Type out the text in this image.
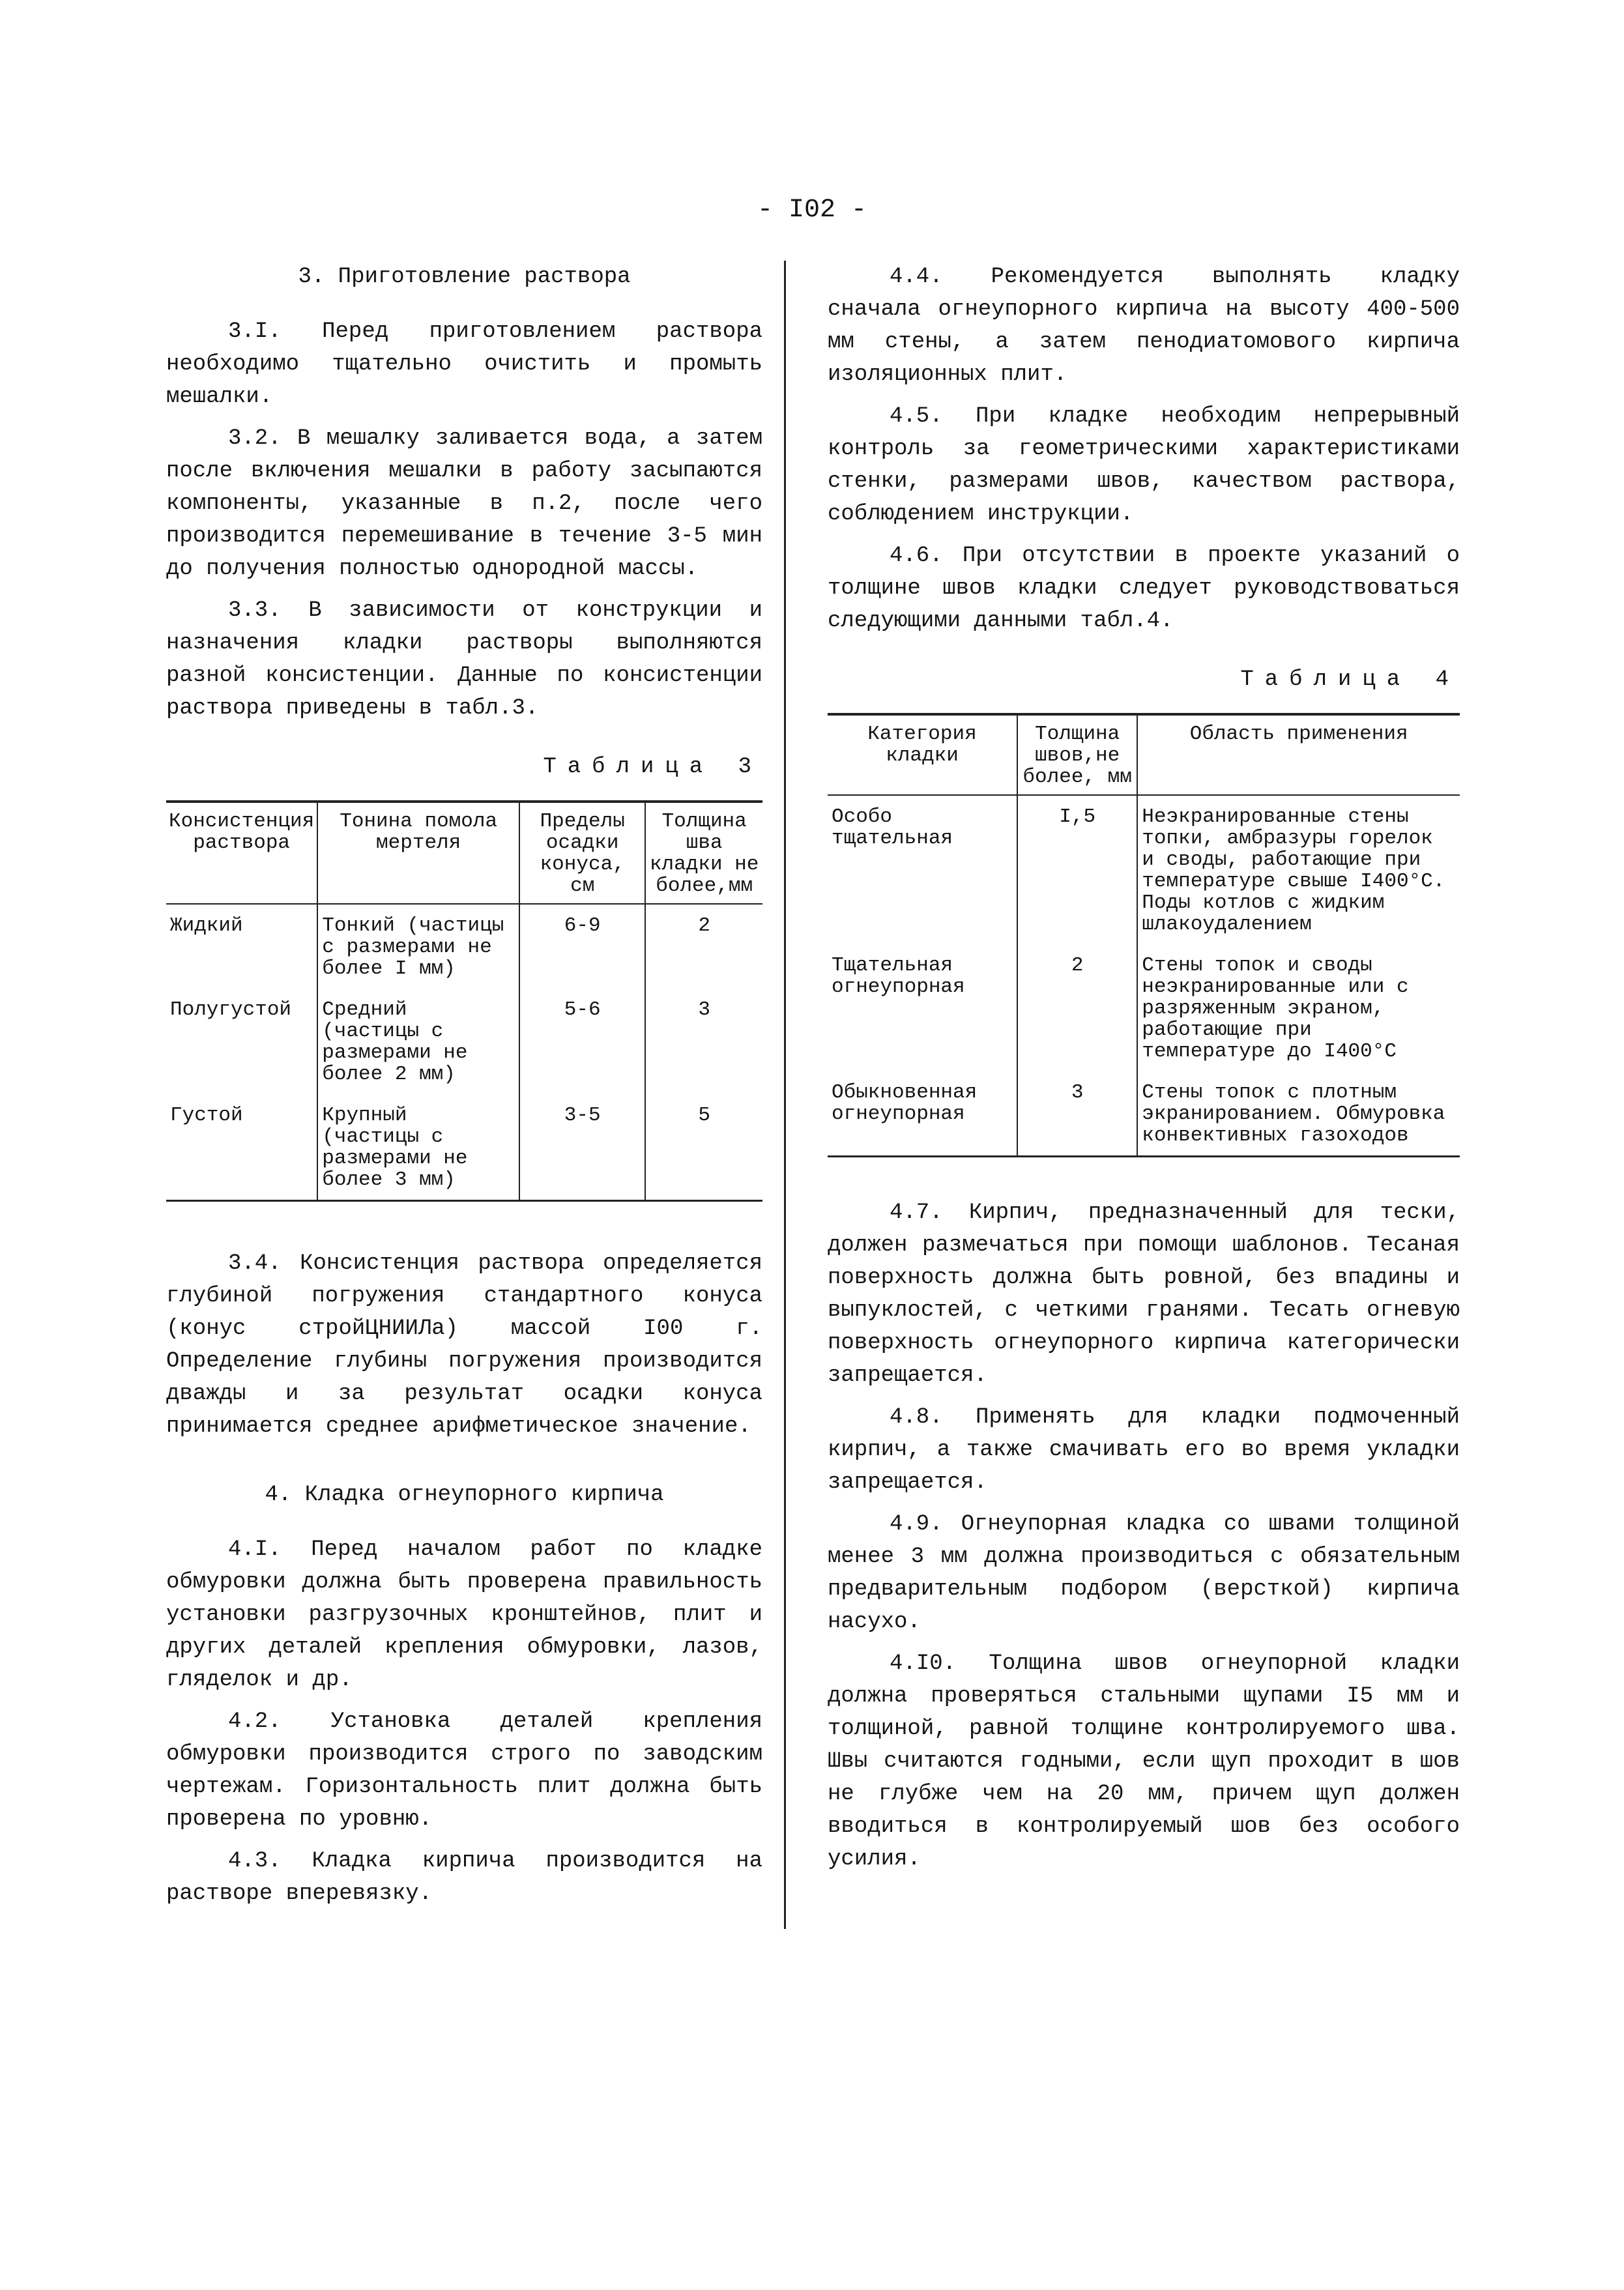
- I02 -
3. Приготовление раствора

3.I. Перед приготовлением раствора необходимо тщательно очистить и промыть мешалки.

3.2. В мешалку заливается вода, а затем после включения мешалки в работу засыпаются компоненты, указанные в п.2, после чего производится перемешивание в течение 3-5 мин до получения полностью однородной массы.

3.3. В зависимости от конструкции и назначения кладки растворы выполняются разной консистенции. Данные по консистенции раствора приведены в табл.3.

Таблица 3
Консистенция раствора	Тонина помола мертеля	Пределы осадки конуса, см	Толщина шва кладки не более,мм
Жидкий	Тонкий (частицы с размерами не более I мм)	6-9	2
Полугустой	Средний (частицы с размерами не более 2 мм)	5-6	3
Густой	Крупный (частицы с размерами не более 3 мм)	3-5	5

3.4. Консистенция раствора определяется глубиной погружения стандартного конуса (конус стройЦНИИЛа) массой I00 г. Определение глубины погружения производится дважды и за результат осадки конуса принимается среднее арифметическое значение.

4. Кладка огнеупорного кирпича

4.I. Перед началом работ по кладке обмуровки должна быть проверена правильность установки разгрузочных кронштейнов, плит и других деталей крепления обмуровки, лазов, гляделок и др.

4.2. Установка деталей крепления обмуровки производится строго по заводским чертежам. Горизонтальность плит должна быть проверена по уровню.

4.3. Кладка кирпича производится на растворе вперевязку.

4.4. Рекомендуется выполнять кладку сначала огнеупорного кирпича на высоту 400-500 мм стены, а затем пенодиатомового кирпича изоляционных плит.

4.5. При кладке необходим непрерывный контроль за геометрическими характеристиками стенки, размерами швов, качеством раствора, соблюдением инструкции.

4.6. При отсутствии в проекте указаний о толщине швов кладки следует руководствоваться следующими данными табл.4.

Таблица 4
Категория кладки	Толщина швов,не более, мм	Область применения
Особо тщательная	I,5	Неэкранированные стены топки, амбразуры горелок и своды, работающие при температуре свыше I400°С. Поды котлов с жидким шлакоудалением
Тщательная огнеупорная	2	Стены топок и своды неэкранированные или с разряженным экраном, работающие при температуре до I400°С
Обыкновенная огнеупорная	3	Стены топок с плотным экранированием. Обмуровка конвективных газоходов

4.7. Кирпич, предназначенный для тески, должен размечаться при помощи шаблонов. Тесаная поверхность должна быть ровной, без впадины и выпуклостей, с четкими гранями. Тесать огневую поверхность огнеупорного кирпича категорически запрещается.

4.8. Применять для кладки подмоченный кирпич, а также смачивать его во время укладки запрещается.

4.9. Огнеупорная кладка со швами толщиной менее 3 мм должна производиться с обязательным предварительным подбором (версткой) кирпича насухо.

4.I0. Толщина швов огнеупорной кладки должна проверяться стальными щупами I5 мм и толщиной, равной толщине контролируемого шва. Швы считаются годными, если щуп проходит в шов не глубже чем на 20 мм, причем щуп должен вводиться в контролируемый шов без особого усилия.
